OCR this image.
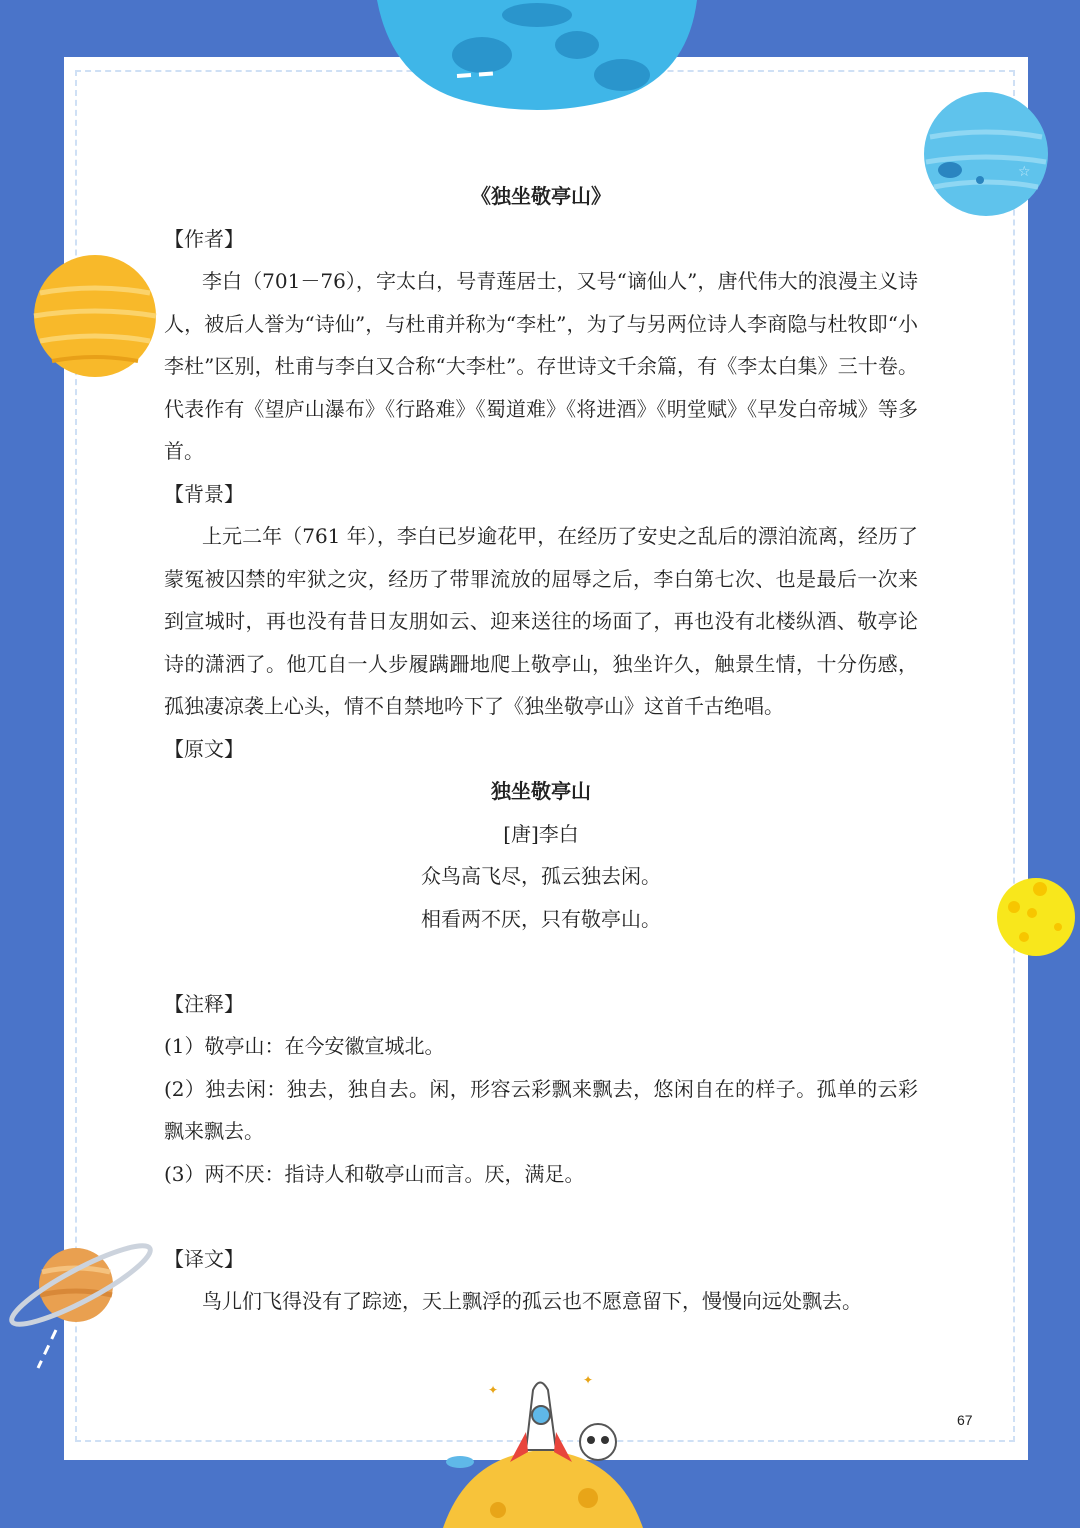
☆
✦
✦
《独坐敬亭山》
【作者】

李白（701－76），字太白，号青莲居士，又号“谪仙人”，唐代伟大的浪漫主义诗人，被后人誉为“诗仙”，与杜甫并称为“李杜”，为了与另两位诗人李商隐与杜牧即“小李杜”区别，杜甫与李白又合称“大李杜”。存世诗文千余篇，有《李太白集》三十卷。代表作有《望庐山瀑布》《行路难》《蜀道难》《将进酒》《明堂赋》《早发白帝城》等多首。

【背景】

上元二年（761 年），李白已岁逾花甲，在经历了安史之乱后的漂泊流离，经历了蒙冤被囚禁的牢狱之灾，经历了带罪流放的屈辱之后，李白第七次、也是最后一次来到宣城时，再也没有昔日友朋如云、迎来送往的场面了，再也没有北楼纵酒、敬亭论诗的潇洒了。他兀自一人步履蹒跚地爬上敬亭山，独坐许久，触景生情，十分伤感，孤独凄凉袭上心头，情不自禁地吟下了《独坐敬亭山》这首千古绝唱。

【原文】
独坐敬亭山
[唐]李白
众鸟高飞尽，孤云独去闲。
相看两不厌，只有敬亭山。
【注释】

(1）敬亭山：在今安徽宣城北。

(2）独去闲：独去，独自去。闲，形容云彩飘来飘去，悠闲自在的样子。孤单的云彩飘来飘去。

(3）两不厌：指诗人和敬亭山而言。厌，满足。

【译文】

鸟儿们飞得没有了踪迹，天上飘浮的孤云也不愿意留下，慢慢向远处飘去。

67
